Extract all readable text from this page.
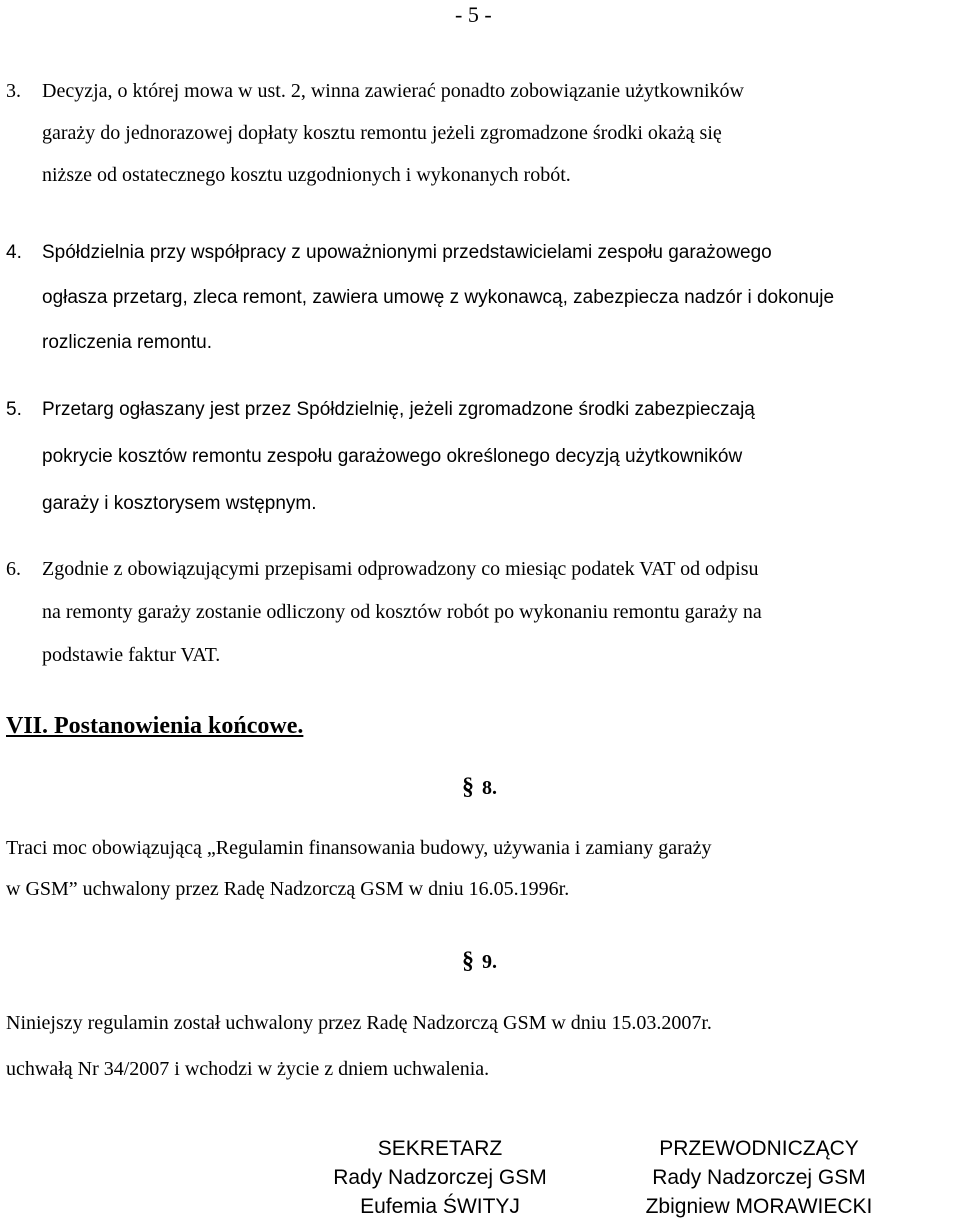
- 5 -
3. Decyzja, o której mowa w ust. 2, winna zawierać ponadto zobowiązanie użytkowników
garaży do jednorazowej dopłaty kosztu remontu jeżeli zgromadzone środki okażą się
niższe od ostatecznego kosztu uzgodnionych i wykonanych robót.
4. Spółdzielnia przy współpracy z upoważnionymi przedstawicielami zespołu garażowego
ogłasza przetarg, zleca remont, zawiera umowę z wykonawcą, zabezpiecza nadzór i dokonuje
rozliczenia remontu.
5. Przetarg ogłaszany jest przez Spółdzielnię, jeżeli zgromadzone środki zabezpieczają
pokrycie kosztów remontu zespołu garażowego określonego decyzją użytkowników
garaży i kosztorysem wstępnym.
6. Zgodnie z obowiązującymi przepisami odprowadzony co miesiąc podatek VAT od odpisu
na remonty garaży zostanie odliczony od kosztów robót po wykonaniu remontu garaży na
podstawie faktur VAT.
VII. Postanowienia końcowe.
§ 8.
Traci moc obowiązującą „Regulamin finansowania budowy, używania i zamiany garaży
w GSM” uchwalony przez Radę Nadzorczą GSM w dniu 16.05.1996r.
§ 9.
Niniejszy regulamin został uchwalony przez Radę Nadzorczą GSM w dniu 15.03.2007r.
uchwałą Nr 34/2007 i wchodzi w życie z dniem uchwalenia.
SEKRETARZ
Rady Nadzorczej GSM
Eufemia ŚWITYJ
PRZEWODNICZĄCY
Rady Nadzorczej GSM
Zbigniew MORAWIECKI
